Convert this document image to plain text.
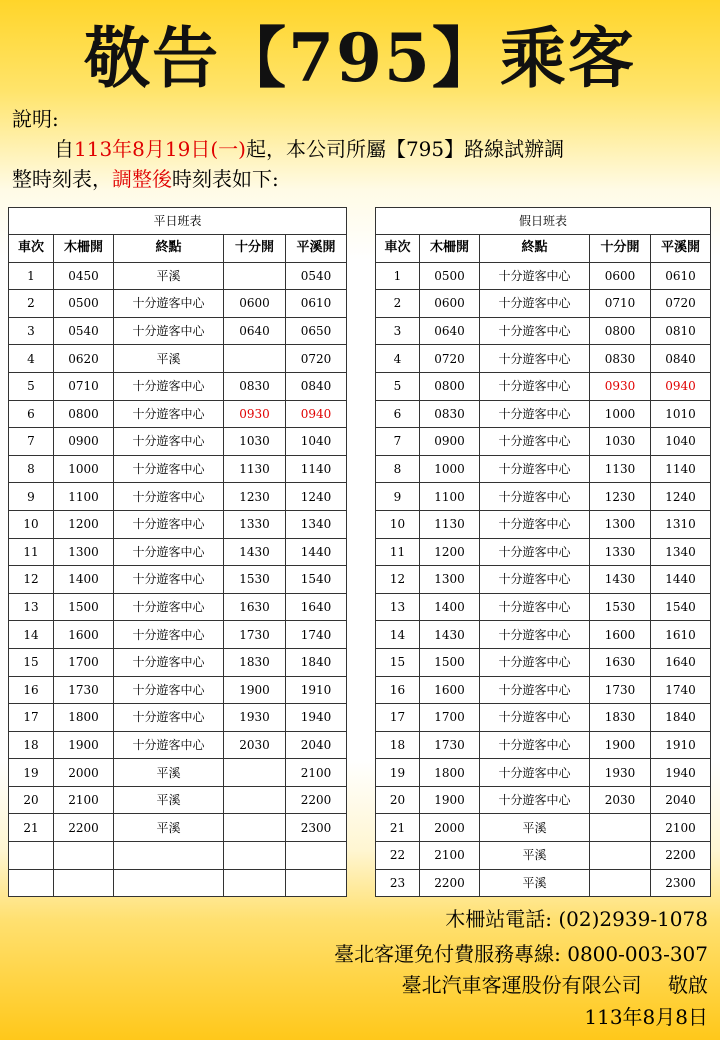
敬告【795】乘客
說明:
自113年8月19日(一)起，本公司所屬【795】路線試辦調
整時刻表，調整後時刻表如下:
平日班表				
車次	木柵開	終點	十分開	平溪開
1	0450	平溪		0540
2	0500	十分遊客中心	0600	0610
3	0540	十分遊客中心	0640	0650
4	0620	平溪		0720
5	0710	十分遊客中心	0830	0840
6	0800	十分遊客中心	0930	0940
7	0900	十分遊客中心	1030	1040
8	1000	十分遊客中心	1130	1140
9	1100	十分遊客中心	1230	1240
10	1200	十分遊客中心	1330	1340
11	1300	十分遊客中心	1430	1440
12	1400	十分遊客中心	1530	1540
13	1500	十分遊客中心	1630	1640
14	1600	十分遊客中心	1730	1740
15	1700	十分遊客中心	1830	1840
16	1730	十分遊客中心	1900	1910
17	1800	十分遊客中心	1930	1940
18	1900	十分遊客中心	2030	2040
19	2000	平溪		2100
20	2100	平溪		2200
21	2200	平溪		2300

假日班表				
車次	木柵開	終點	十分開	平溪開
1	0500	十分遊客中心	0600	0610
2	0600	十分遊客中心	0710	0720
3	0640	十分遊客中心	0800	0810
4	0720	十分遊客中心	0830	0840
5	0800	十分遊客中心	0930	0940
6	0830	十分遊客中心	1000	1010
7	0900	十分遊客中心	1030	1040
8	1000	十分遊客中心	1130	1140
9	1100	十分遊客中心	1230	1240
10	1130	十分遊客中心	1300	1310
11	1200	十分遊客中心	1330	1340
12	1300	十分遊客中心	1430	1440
13	1400	十分遊客中心	1530	1540
14	1430	十分遊客中心	1600	1610
15	1500	十分遊客中心	1630	1640
16	1600	十分遊客中心	1730	1740
17	1700	十分遊客中心	1830	1840
18	1730	十分遊客中心	1900	1910
19	1800	十分遊客中心	1930	1940
20	1900	十分遊客中心	2030	2040
21	2000	平溪		2100
22	2100	平溪		2200
23	2200	平溪		2300
木柵站電話: (02)2939-1078
臺北客運免付費服務專線: 0800-003-307
臺北汽車客運股份有限公司 　敬啟
113年8月8日
